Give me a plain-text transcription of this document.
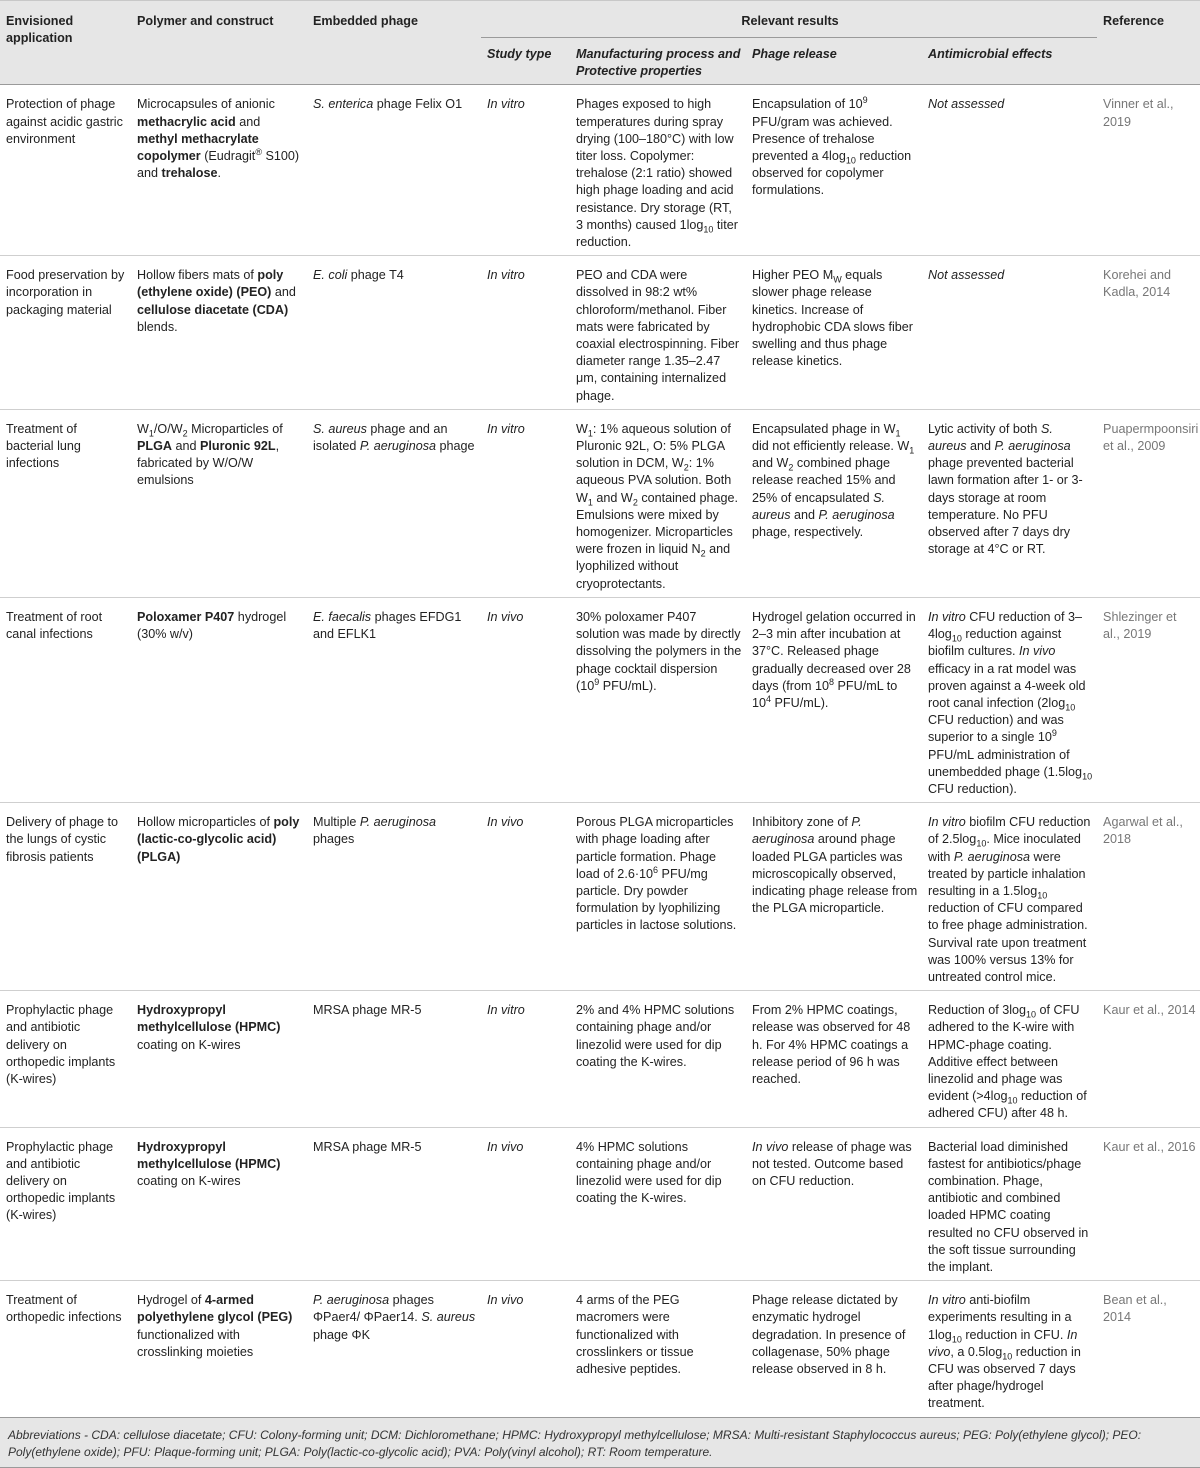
Envisioned application	Polymer and construct	Embedded phage	Relevant results				Reference
			Study type	Manufacturing process and Protective properties	Phage release	Antimicrobial effects	
Protection of phage against acidic gastric environment	Microcapsules of anionic methacrylic acid and methyl methacrylate copolymer (Eudragit® S100) and trehalose.	S. enterica phage Felix O1	In vitro	Phages exposed to high temperatures during spray drying (100–180°C) with low titer loss. Copolymer: trehalose (2:1 ratio) showed high phage loading and acid resistance. Dry storage (RT, 3 months) caused $1\log_{10}$ titer reduction.	Encapsulation of $10^9$ PFU/gram was achieved. Presence of trehalose prevented a $4\log_{10}$ reduction observed for copolymer formulations.	Not assessed	Vinner et al., 2019
Food preservation by incorporation in packaging material	Hollow fibers mats of poly (ethylene oxide) (PEO) and cellulose diacetate (CDA) blends.	E. coli phage T4	In vitro	PEO and CDA were dissolved in 98:2 wt% chloroform/methanol. Fiber mats were fabricated by coaxial electrospinning. Fiber diameter range 1.35–2.47 μm, containing internalized phage.	Higher PEO $M_W$ equals slower phage release kinetics. Increase of hydrophobic CDA slows fiber swelling and thus phage release kinetics.	Not assessed	Korehei and Kadla, 2014
Treatment of bacterial lung infections	$W_1/O/W_2$ Microparticles of PLGA and Pluronic 92L, fabricated by W/O/W emulsions	S. aureus phage and an isolated P. aeruginosa phage	In vitro	$W_1$: 1% aqueous solution of Pluronic 92L, O: 5% PLGA solution in DCM, $W_2$: 1% aqueous PVA solution. Both $W_1$ and $W_2$ contained phage. Emulsions were mixed by homogenizer. Microparticles were frozen in liquid $N_2$ and lyophilized without cryoprotectants.	Encapsulated phage in $W_1$ did not efficiently release. $W_1$ and $W_2$ combined phage release reached 15% and 25% of encapsulated S. aureus and P. aeruginosa phage, respectively.	Lytic activity of both S. aureus and P. aeruginosa phage prevented bacterial lawn formation after 1- or 3-days storage at room temperature. No PFU observed after 7 days dry storage at 4°C or RT.	Puapermpoonsiri et al., 2009
Treatment of root canal infections	Poloxamer P407 hydrogel (30% w/v)	E. faecalis phages EFDG1 and EFLK1	In vivo	30% poloxamer P407 solution was made by directly dissolving the polymers in the phage cocktail dispersion ($10^9$ PFU/mL).	Hydrogel gelation occurred in 2–3 min after incubation at 37°C. Released phage gradually decreased over 28 days (from $10^8$ PFU/mL to $10^4$ PFU/mL).	In vitro CFU reduction of $3-4\log_{10}$ reduction against biofilm cultures. In vivo efficacy in a rat model was proven against a 4-week old root canal infection ($2\log_{10}$ CFU reduction) and was superior to a single $10^9$ PFU/mL administration of unembedded phage ($1.5\log_{10}$ CFU reduction).	Shlezinger et al., 2019
Delivery of phage to the lungs of cystic fibrosis patients	Hollow microparticles of poly (lactic-co-glycolic acid) (PLGA)	Multiple P. aeruginosa phages	In vivo	Porous PLGA microparticles with phage loading after particle formation. Phage load of $2.6\cdot 10^6$ PFU/mg particle. Dry powder formulation by lyophilizing particles in lactose solutions.	Inhibitory zone of P. aeruginosa around phage loaded PLGA particles was microscopically observed, indicating phage release from the PLGA microparticle.	In vitro biofilm CFU reduction of $2.5\log_{10}$. Mice inoculated with P. aeruginosa were treated by particle inhalation resulting in a $1.5\log_{10}$ reduction of CFU compared to free phage administration. Survival rate upon treatment was 100% versus 13% for untreated control mice.	Agarwal et al., 2018
Prophylactic phage and antibiotic delivery on orthopedic implants (K-wires)	Hydroxypropyl methylcellulose (HPMC) coating on K-wires	MRSA phage MR-5	In vitro	2% and 4% HPMC solutions containing phage and/or linezolid were used for dip coating the K-wires.	From 2% HPMC coatings, release was observed for 48 h. For 4% HPMC coatings a release period of 96 h was reached.	Reduction of $3\log_{10}$ of CFU adhered to the K-wire with HPMC-phage coating. Additive effect between linezolid and phage was evident ($>4\log_{10}$ reduction of adhered CFU) after 48 h.	Kaur et al., 2014
Prophylactic phage and antibiotic delivery on orthopedic implants (K-wires)	Hydroxypropyl methylcellulose (HPMC) coating on K-wires	MRSA phage MR-5	In vivo	4% HPMC solutions containing phage and/or linezolid were used for dip coating the K-wires.	In vivo release of phage was not tested. Outcome based on CFU reduction.	Bacterial load diminished fastest for antibiotics/phage combination. Phage, antibiotic and combined loaded HPMC coating resulted no CFU observed in the soft tissue surrounding the implant.	Kaur et al., 2016
Treatment of orthopedic infections	Hydrogel of 4-armed polyethylene glycol (PEG) functionalized with crosslinking moieties	P. aeruginosa phages ΦPaer4/ ΦPaer14. S. aureus phage ΦK	In vivo	4 arms of the PEG macromers were functionalized with crosslinkers or tissue adhesive peptides.	Phage release dictated by enzymatic hydrogel degradation. In presence of collagenase, 50% phage release observed in 8 h.	In vitro anti-biofilm experiments resulting in a $1\log_{10}$ reduction in CFU. In vivo, a $0.5\log_{10}$ reduction in CFU was observed 7 days after phage/hydrogel treatment.	Bean et al., 2014
Abbreviations - CDA: cellulose diacetate; CFU: Colony-forming unit; DCM: Dichloromethane; HPMC: Hydroxypropyl methylcellulose; MRSA: Multi-resistant Staphylococcus aureus; PEG: Poly(ethylene glycol); PEO: Poly(ethylene oxide); PFU: Plaque-forming unit; PLGA: Poly(lactic-co-glycolic acid); PVA: Poly(vinyl alcohol); RT: Room temperature.							
